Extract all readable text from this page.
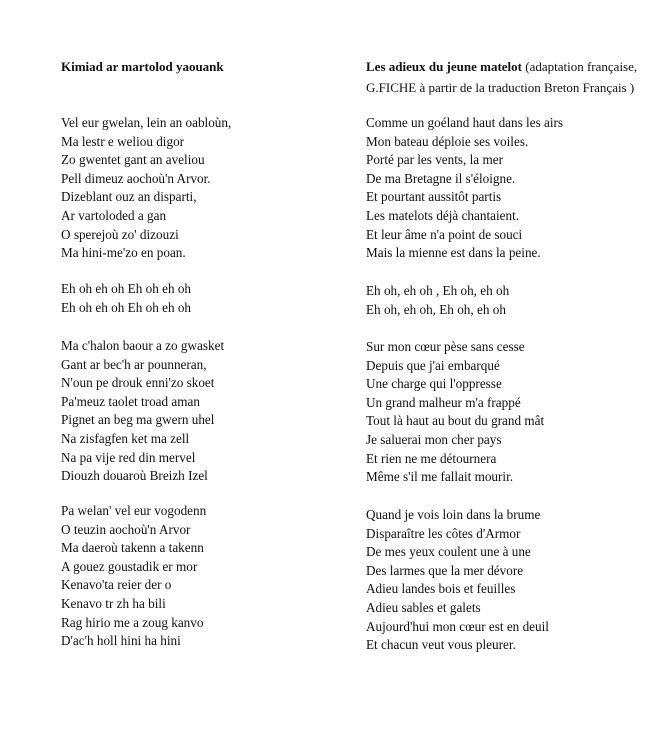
Kimiad ar martolod yaouank
Vel eur gwelan, lein an oabloùn,
Ma lestr e weliou digor
Zo gwentet gant an aveliou
Pell dimeuz aochoù'n Arvor.
Dizeblant ouz an disparti,
Ar vartoloded a gan
O sperejoù zo' dizouzi
Ma hini-me'zo en poan.
Eh oh eh oh Eh oh eh oh
Eh oh eh oh Eh oh eh oh
Ma c'halon baour a zo gwasket
Gant ar bec'h ar pounneran,
N'oun pe drouk enni'zo skoet
Pa'meuz taolet troad aman
Pignet an beg ma gwern uhel
Na zisfagfen ket ma zell
Na pa vije red din mervel
Diouzh douaroù Breizh Izel
Pa welan' vel eur vogodenn
O teuzin aochoù'n Arvor
Ma daeroù takenn a takenn
A gouez goustadik er mor
Kenavo'ta reier der o
Kenavo tr zh ha bili
Rag hirio me a zoug kanvo
D'ac'h holl hini ha hini
Les adieux du jeune matelot (adaptation française,
G.FICHE à partir de la traduction Breton Français )
Comme un goéland haut dans les airs
Mon bateau déploie ses voiles.
Porté par les vents, la mer
De ma Bretagne il s'éloigne.
Et pourtant aussitôt partis
Les matelots déjà chantaient.
Et leur âme n'a point de souci
Mais la mienne est dans la peine.
Eh oh, eh oh , Eh oh, eh oh
Eh oh, eh oh, Eh oh, eh oh
Sur mon cœur pèse sans cesse
Depuis que j'ai embarqué
Une charge qui l'oppresse
Un grand malheur m'a frappé
Tout là haut au bout du grand mât
Je saluerai mon cher pays
Et rien ne me détournera
Même s'il me fallait mourir.
Quand je vois loin dans la brume
Disparaître les côtes d'Armor
De mes yeux coulent une à une
Des larmes que la mer dévore
Adieu landes bois et feuilles
Adieu sables et galets
Aujourd'hui mon cœur est en deuil
Et chacun veut vous pleurer.
